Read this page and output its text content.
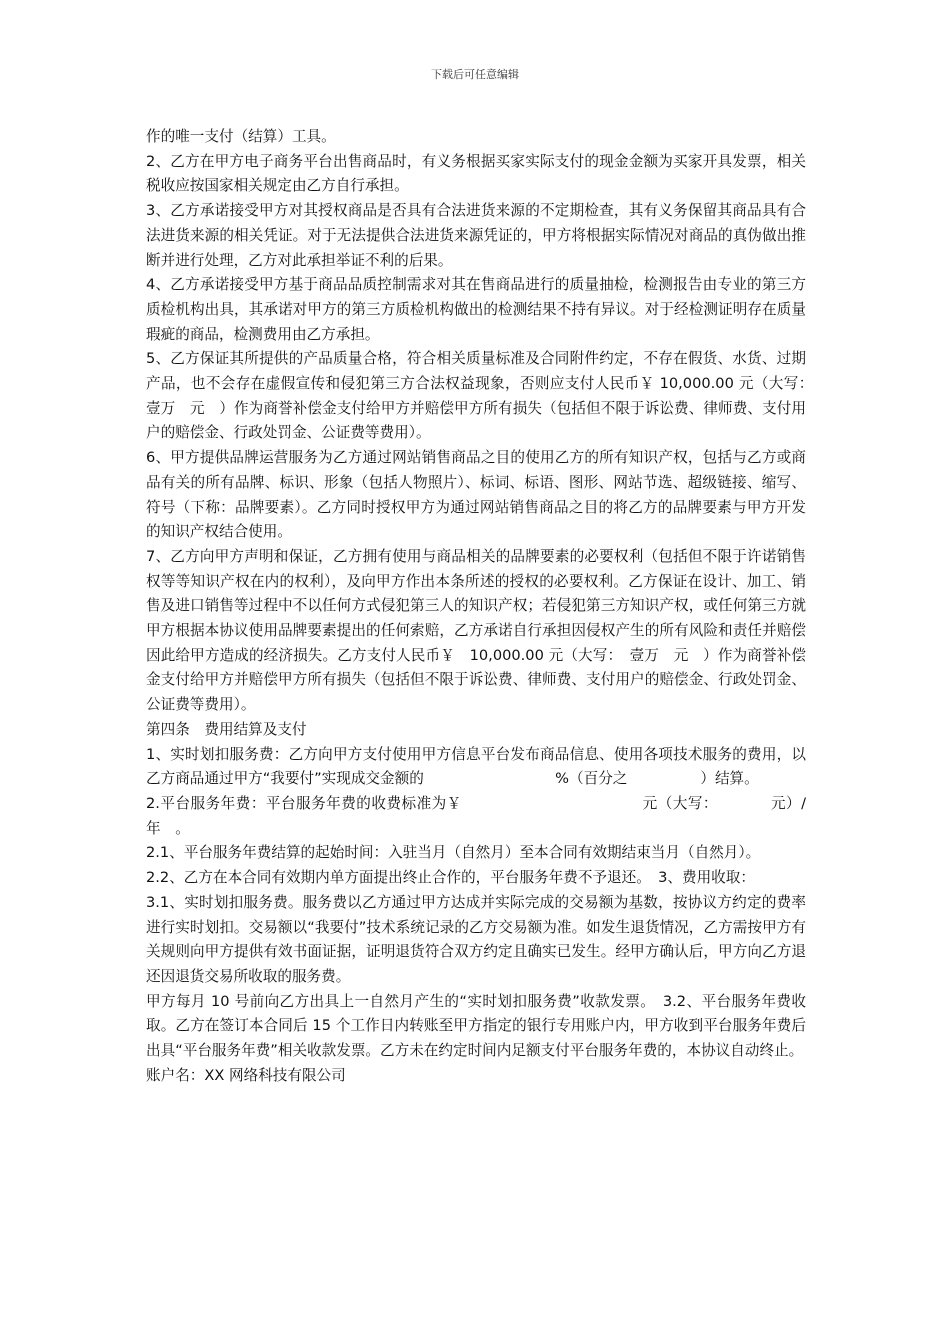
下载后可任意编辑

作的唯一支付（结算）工具。

2、乙方在甲方电子商务平台出售商品时，有义务根据买家实际支付的现金金额为买家开具发票，相关税收应按国家相关规定由乙方自行承担。

3、乙方承诺接受甲方对其授权商品是否具有合法进货来源的不定期检查，其有义务保留其商品具有合法进货来源的相关凭证。对于无法提供合法进货来源凭证的，甲方将根据实际情况对商品的真伪做出推断并进行处理，乙方对此承担举证不利的后果。

4、乙方承诺接受甲方基于商品品质控制需求对其在售商品进行的质量抽检，检测报告由专业的第三方质检机构出具，其承诺对甲方的第三方质检机构做出的检测结果不持有异议。对于经检测证明存在质量瑕疵的商品，检测费用由乙方承担。

5、乙方保证其所提供的产品质量合格，符合相关质量标准及合同附件约定，不存在假货、水货、过期产品，也不会存在虚假宣传和侵犯第三方合法权益现象，否则应支付人民币￥ 10,000.00 元（大写：　壹万　元　）作为商誉补偿金支付给甲方并赔偿甲方所有损失（包括但不限于诉讼费、律师费、支付用户的赔偿金、行政处罚金、公证费等费用）。

6、甲方提供品牌运营服务为乙方通过网站销售商品之目的使用乙方的所有知识产权，包括与乙方或商品有关的所有品牌、标识、形象（包括人物照片）、标词、标语、图形、网站节选、超级链接、缩写、符号（下称：品牌要素）。乙方同时授权甲方为通过网站销售商品之目的将乙方的品牌要素与甲方开发的知识产权结合使用。

7、乙方向甲方声明和保证，乙方拥有使用与商品相关的品牌要素的必要权利（包括但不限于许诺销售权等等知识产权在内的权利），及向甲方作出本条所述的授权的必要权利。乙方保证在设计、加工、销售及进口销售等过程中不以任何方式侵犯第三人的知识产权；若侵犯第三方知识产权，或任何第三方就甲方根据本协议使用品牌要素提出的任何索赔，乙方承诺自行承担因侵权产生的所有风险和责任并赔偿因此给甲方造成的经济损失。乙方支付人民币￥　10,000.00 元（大写：　壹万　元　）作为商誉补偿金支付给甲方并赔偿甲方所有损失（包括但不限于诉讼费、律师费、支付用户的赔偿金、行政处罚金、公证费等费用）。

第四条　费用结算及支付

1、实时划扣服务费：乙方向甲方支付使用甲方信息平台发布商品信息、使用各项技术服务的费用，以乙方商品通过甲方“我要付”实现成交金额的　　　　　　　　　%（百分之　　　　　）结算。

2.平台服务年费：平台服务年费的收费标准为￥　　　　　　　　　　　　元（大写：　　　　元）/年　。

2.1、平台服务年费结算的起始时间：入驻当月（自然月）至本合同有效期结束当月（自然月）。

2.2、乙方在本合同有效期内单方面提出终止合作的，平台服务年费不予退还。　3、费用收取：

3.1、实时划扣服务费。服务费以乙方通过甲方达成并实际完成的交易额为基数，按协议方约定的费率进行实时划扣。交易额以“我要付”技术系统记录的乙方交易额为准。如发生退货情况，乙方需按甲方有关规则向甲方提供有效书面证据，证明退货符合双方约定且确实已发生。经甲方确认后，甲方向乙方退还因退货交易所收取的服务费。

甲方每月 10 号前向乙方出具上一自然月产生的“实时划扣服务费”收款发票。　3.2、平台服务年费收取。乙方在签订本合同后 15 个工作日内转账至甲方指定的银行专用账户内，甲方收到平台服务年费后出具“平台服务年费”相关收款发票。乙方未在约定时间内足额支付平台服务年费的，本协议自动终止。

账户名：XX 网络科技有限公司
